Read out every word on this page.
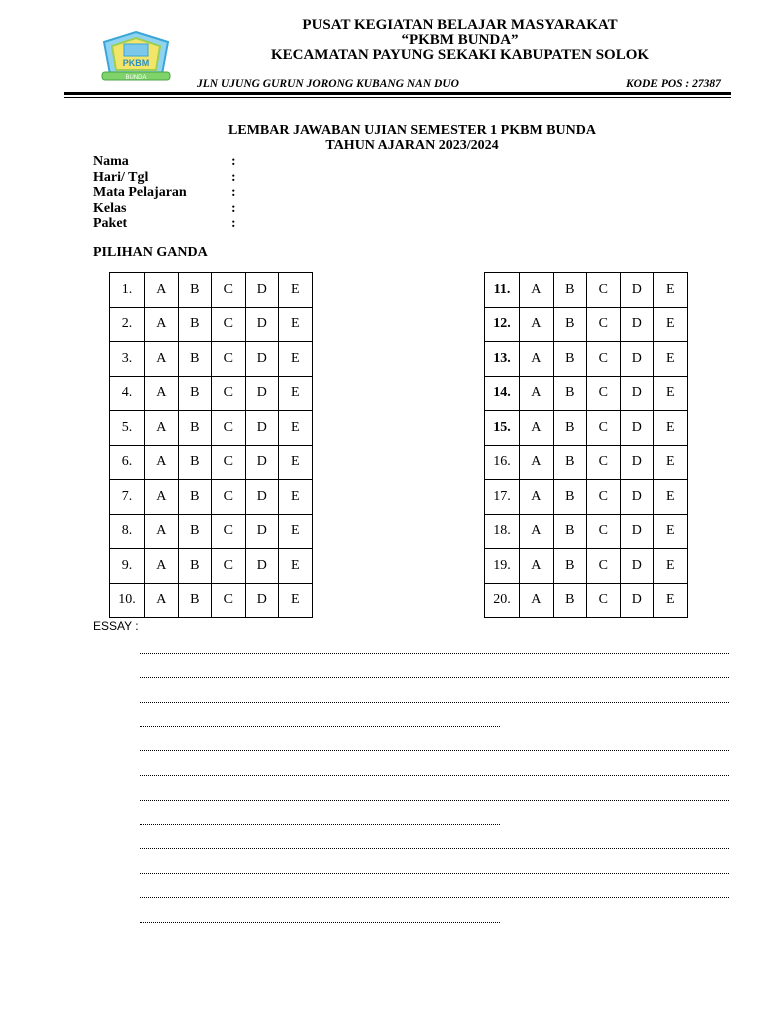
PKBM
BUNDA
PUSAT KEGIATAN BELAJAR MASYARAKAT
“PKBM BUNDA”
KECAMATAN PAYUNG SEKAKI KABUPATEN SOLOK
JLN UJUNG GURUN JORONG KUBANG NAN DUO	KODE POS : 27387
LEMBAR JAWABAN UJIAN SEMESTER 1 PKBM BUNDA
TAHUN AJARAN 2023/2024
Nama	:
Hari/ Tgl	:
Mata Pelajaran	:
Kelas	:
Paket	:
PILIHAN GANDA
1.	A	B	C	D	E
2.	A	B	C	D	E
3.	A	B	C	D	E
4.	A	B	C	D	E
5.	A	B	C	D	E
6.	A	B	C	D	E
7.	A	B	C	D	E
8.	A	B	C	D	E
9.	A	B	C	D	E
10.	A	B	C	D	E
11.	A	B	C	D	E
12.	A	B	C	D	E
13.	A	B	C	D	E
14.	A	B	C	D	E
15.	A	B	C	D	E
16.	A	B	C	D	E
17.	A	B	C	D	E
18.	A	B	C	D	E
19.	A	B	C	D	E
20.	A	B	C	D	E
ESSAY :
